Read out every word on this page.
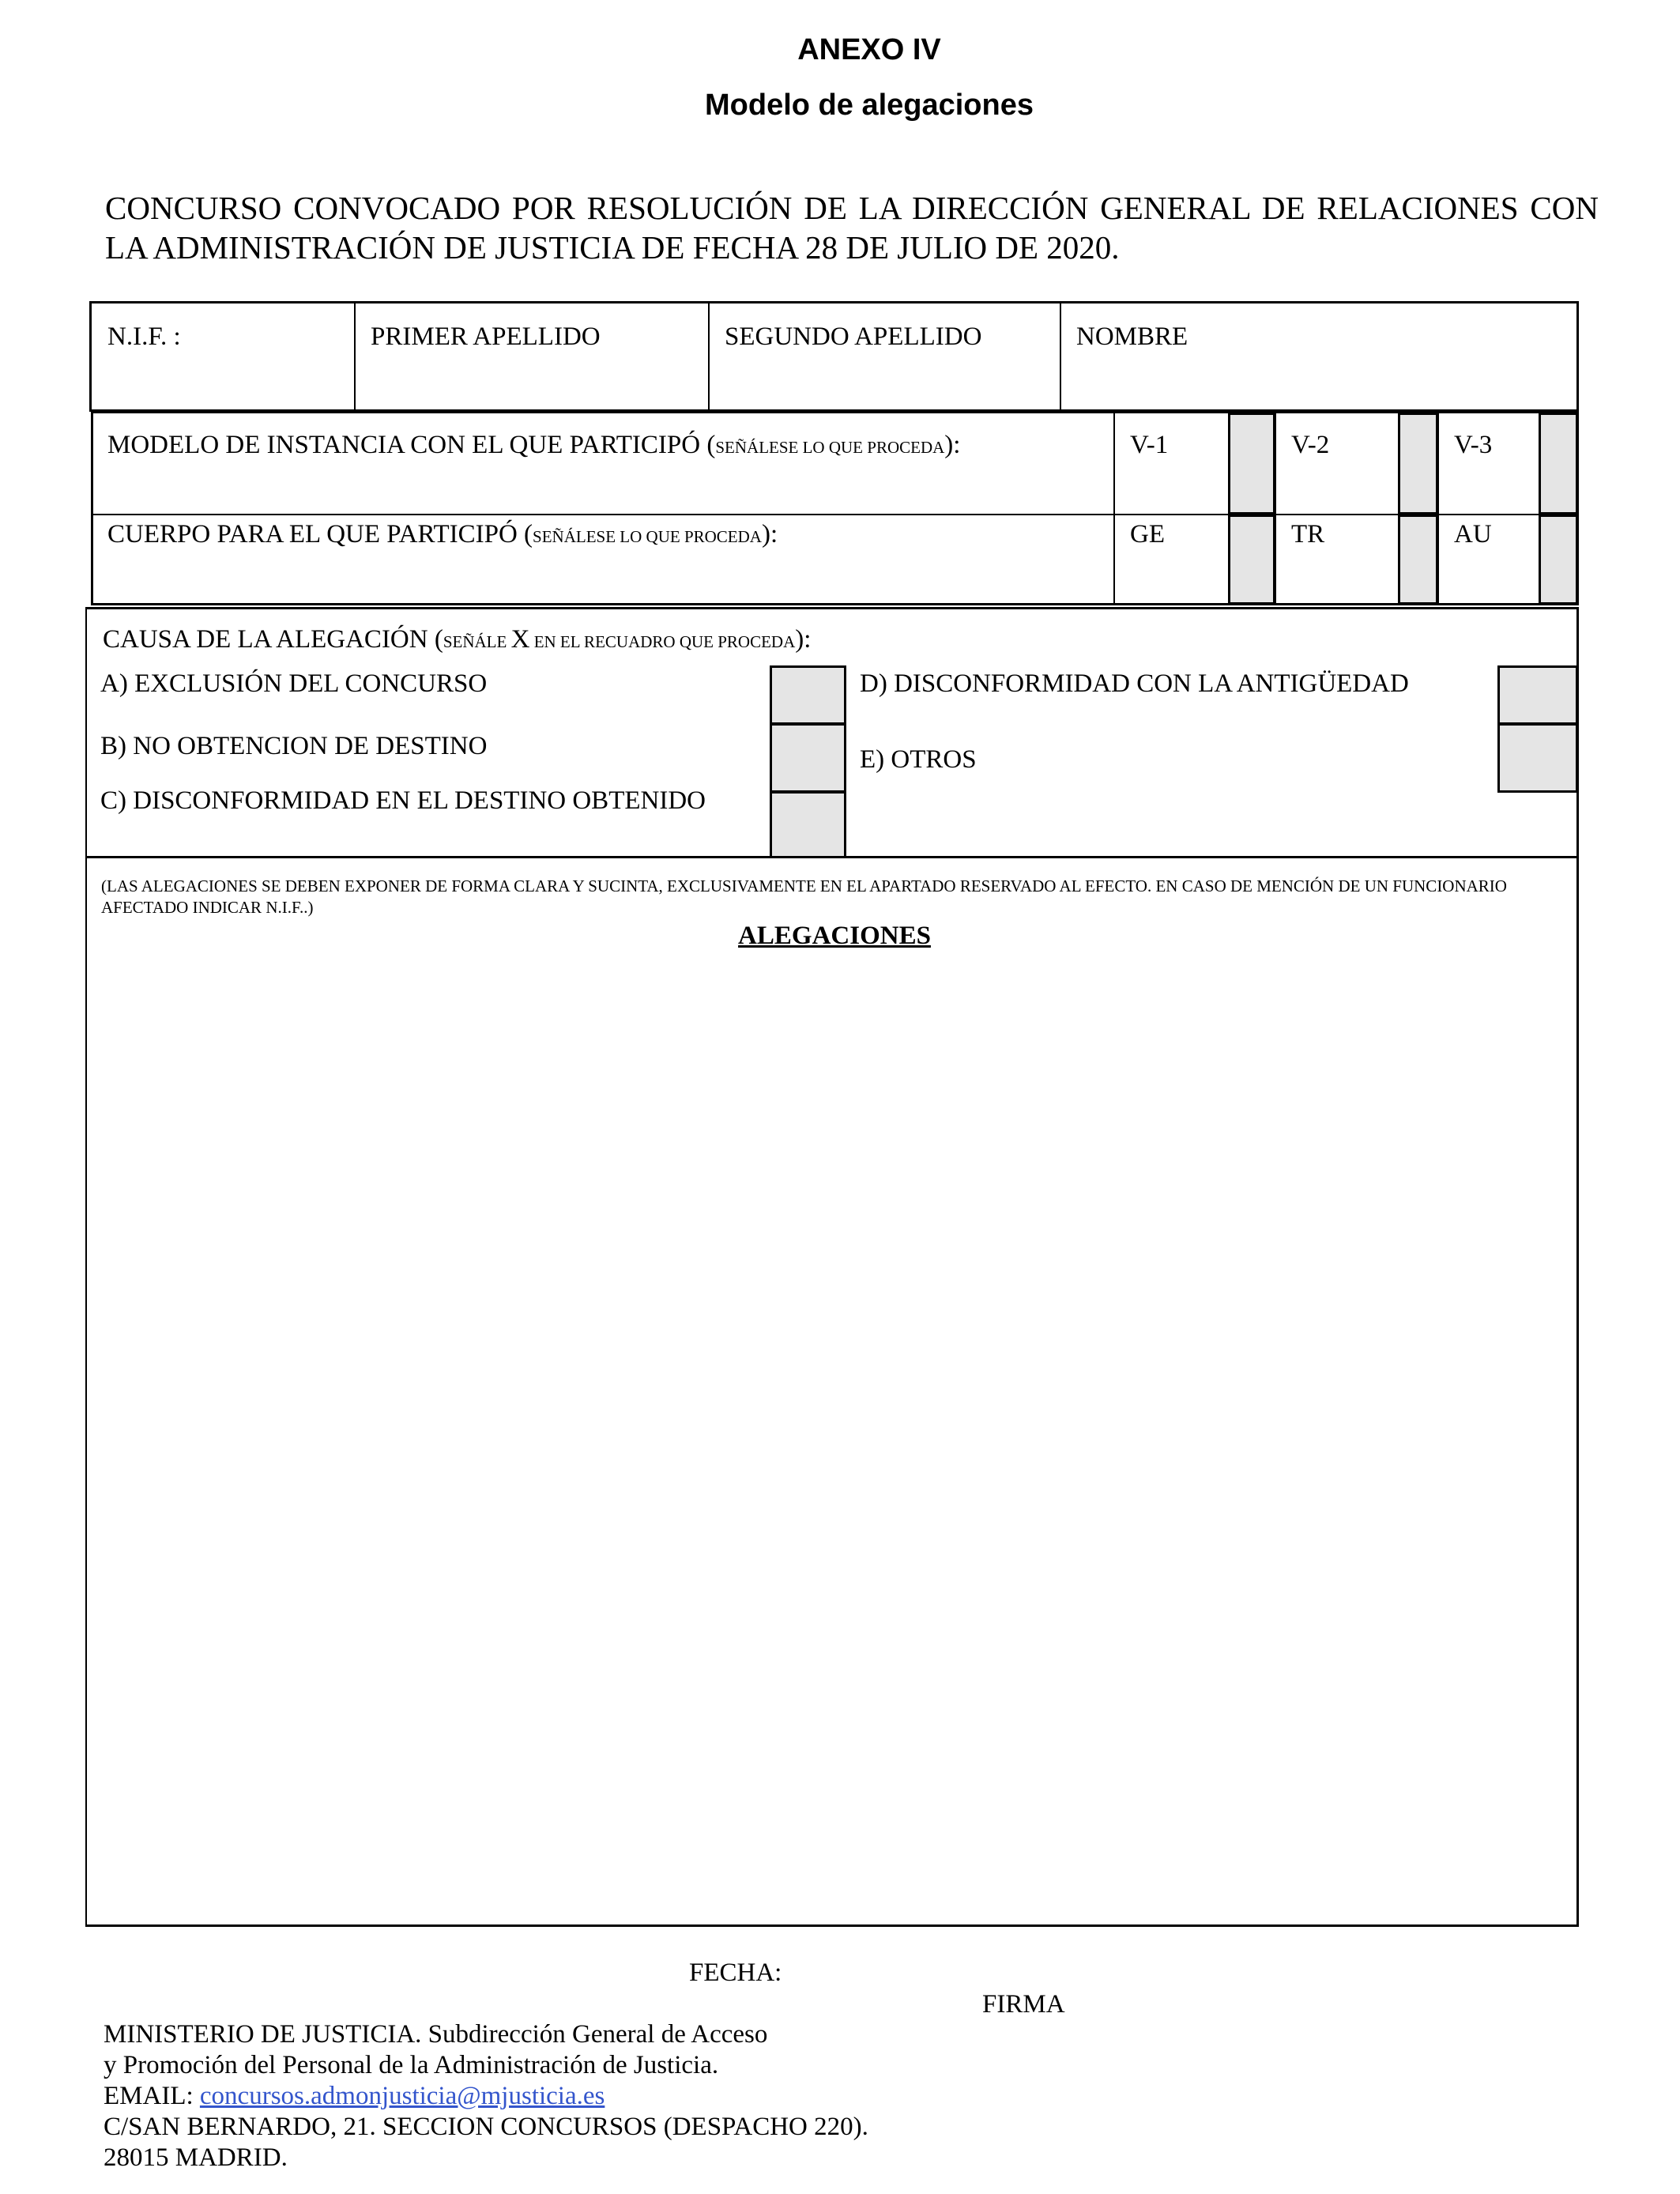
ANEXO IV
Modelo de alegaciones
CONCURSO CONVOCADO POR RESOLUCIÓN DE LA DIRECCIÓN GENERAL DE RELACIONES CON LA ADMINISTRACIÓN DE JUSTICIA DE FECHA 28 DE JULIO DE 2020.
N.I.F. :	PRIMER APELLIDO	SEGUNDO APELLIDO	NOMBRE
MODELO DE INSTANCIA CON EL QUE PARTICIPÓ (SEÑÁLESE LO QUE PROCEDA):	V-1	V-2	V-3
CUERPO PARA EL QUE PARTICIPÓ (SEÑÁLESE LO QUE PROCEDA):	GE	TR	AU
CAUSA DE LA ALEGACIÓN (SEÑÁLE X EN EL RECUADRO QUE PROCEDA):
A) EXCLUSIÓN DEL CONCURSO
B) NO OBTENCION DE DESTINO
C) DISCONFORMIDAD EN EL DESTINO OBTENIDO
D) DISCONFORMIDAD CON LA ANTIGÜEDAD
E) OTROS
(LAS ALEGACIONES SE DEBEN EXPONER DE FORMA CLARA Y SUCINTA, EXCLUSIVAMENTE EN EL APARTADO RESERVADO AL EFECTO. EN CASO DE MENCIÓN DE UN FUNCIONARIO AFECTADO INDICAR N.I.F..)
ALEGACIONES
FECHA:
FIRMA
MINISTERIO DE JUSTICIA. Subdirección General de Acceso
y Promoción del Personal de la Administración de Justicia.
EMAIL: concursos.admonjusticia@mjusticia.es
C/SAN BERNARDO, 21. SECCION CONCURSOS (DESPACHO 220).
28015 MADRID.
